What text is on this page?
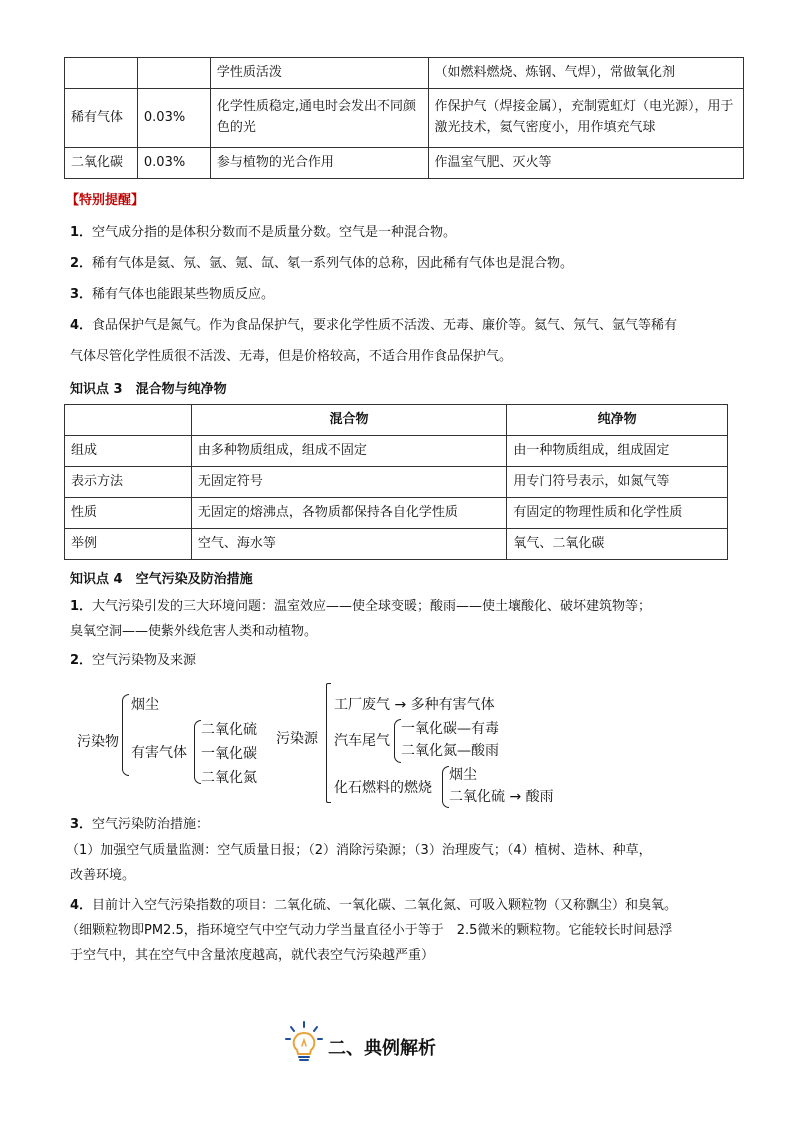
		学性质活泼	（如燃料燃烧、炼钢、气焊），常做氧化剂
稀有气体	0.03%	化学性质稳定,通电时会发出不同颜色的光	作保护气（焊接金属），充制霓虹灯（电光源），用于激光技术，氦气密度小，用作填充气球
二氧化碳	0.03%	参与植物的光合作用	作温室气肥、灭火等
【特别提醒】
1．空气成分指的是体积分数而不是质量分数。空气是一种混合物。
2．稀有气体是氦、氖、氩、氪、氙、氡一系列气体的总称，因此稀有气体也是混合物。
3．稀有气体也能跟某些物质反应。
4．食品保护气是氮气。作为食品保护气，要求化学性质不活泼、无毒、廉价等。氦气、氖气、氩气等稀有
气体尽管化学性质很不活泼、无毒，但是价格较高，不适合用作食品保护气。
知识点 3　混合物与纯净物
	混合物	纯净物
组成	由多种物质组成，组成不固定	由一种物质组成，组成固定
表示方法	无固定符号	用专门符号表示，如氮气等
性质	无固定的熔沸点，各物质都保持各自化学性质	有固定的物理性质和化学性质
举例	空气、海水等	氧气、二氧化碳
知识点 4　空气污染及防治措施
1．大气污染引发的三大环境问题：温室效应——使全球变暖；酸雨——使土壤酸化、破坏建筑物等；
臭氧空洞——使紫外线危害人类和动植物。
2．空气污染物及来源
污染物
烟尘
有害气体
二氧化硫
一氧化碳
二氧化氮
污染源
工厂废气 → 多种有害气体
汽车尾气
一氧化碳—有毒
二氧化氮—酸雨
化石燃料的燃烧
烟尘
二氧化硫 → 酸雨
3．空气污染防治措施：
（1）加强空气质量监测：空气质量日报；（2）消除污染源；（3）治理废气；（4）植树、造林、种草，
改善环境。
4．目前计入空气污染指数的项目：二氧化硫、一氧化碳、二氧化氮、可吸入颗粒物（又称飘尘）和臭氧。
（细颗粒物即PM2.5，指环境空气中空气动力学当量直径小于等于　2.5微米的颗粒物。它能较长时间悬浮
于空气中，其在空气中含量浓度越高，就代表空气污染越严重）
二、典例解析
